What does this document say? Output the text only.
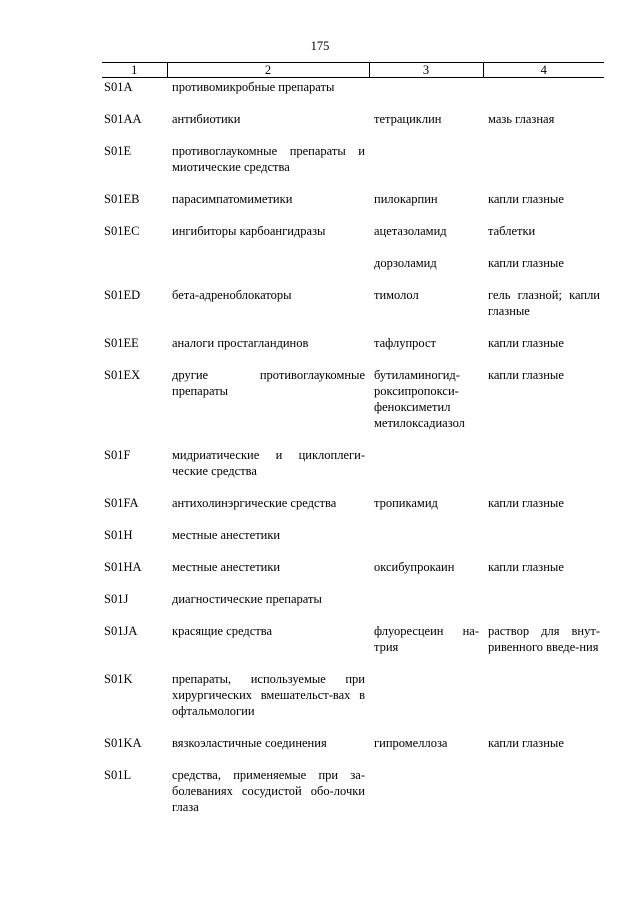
175
1	2	3	4
S01A	противомикробные препараты		
S01AA	антибиотики	тетрациклин	мазь глазная
S01E	противоглаукомные препараты и миотические средства		
S01EB	парасимпатомиметики	пилокарпин	капли глазные
S01EC	ингибиторы карбоангидразы	ацетазоламид	таблетки
		дорзоламид	капли глазные
S01ED	бета-адреноблокаторы	тимолол	гель глазной; капли глазные
S01EE	аналоги простагландинов	тафлупрост	капли глазные
S01EX	другие противоглаукомные препараты	бутиламиногид-роксипропокси-феноксиметил метилоксадиазол	капли глазные
S01F	мидриатические и циклоплеги-ческие средства		
S01FA	антихолинэргические средства	тропикамид	капли глазные
S01H	местные анестетики		
S01HA	местные анестетики	оксибупрокаин	капли глазные
S01J	диагностические препараты		
S01JA	красящие средства	флуоресцеин на-трия	раствор для внут-ривенного введе-ния
S01K	препараты, используемые при хирургических вмешательст-вах в офтальмологии		
S01KA	вязкоэластичные соединения	гипромеллоза	капли глазные
S01L	средства, применяемые при за-болеваниях сосудистой обо-лочки глаза		
